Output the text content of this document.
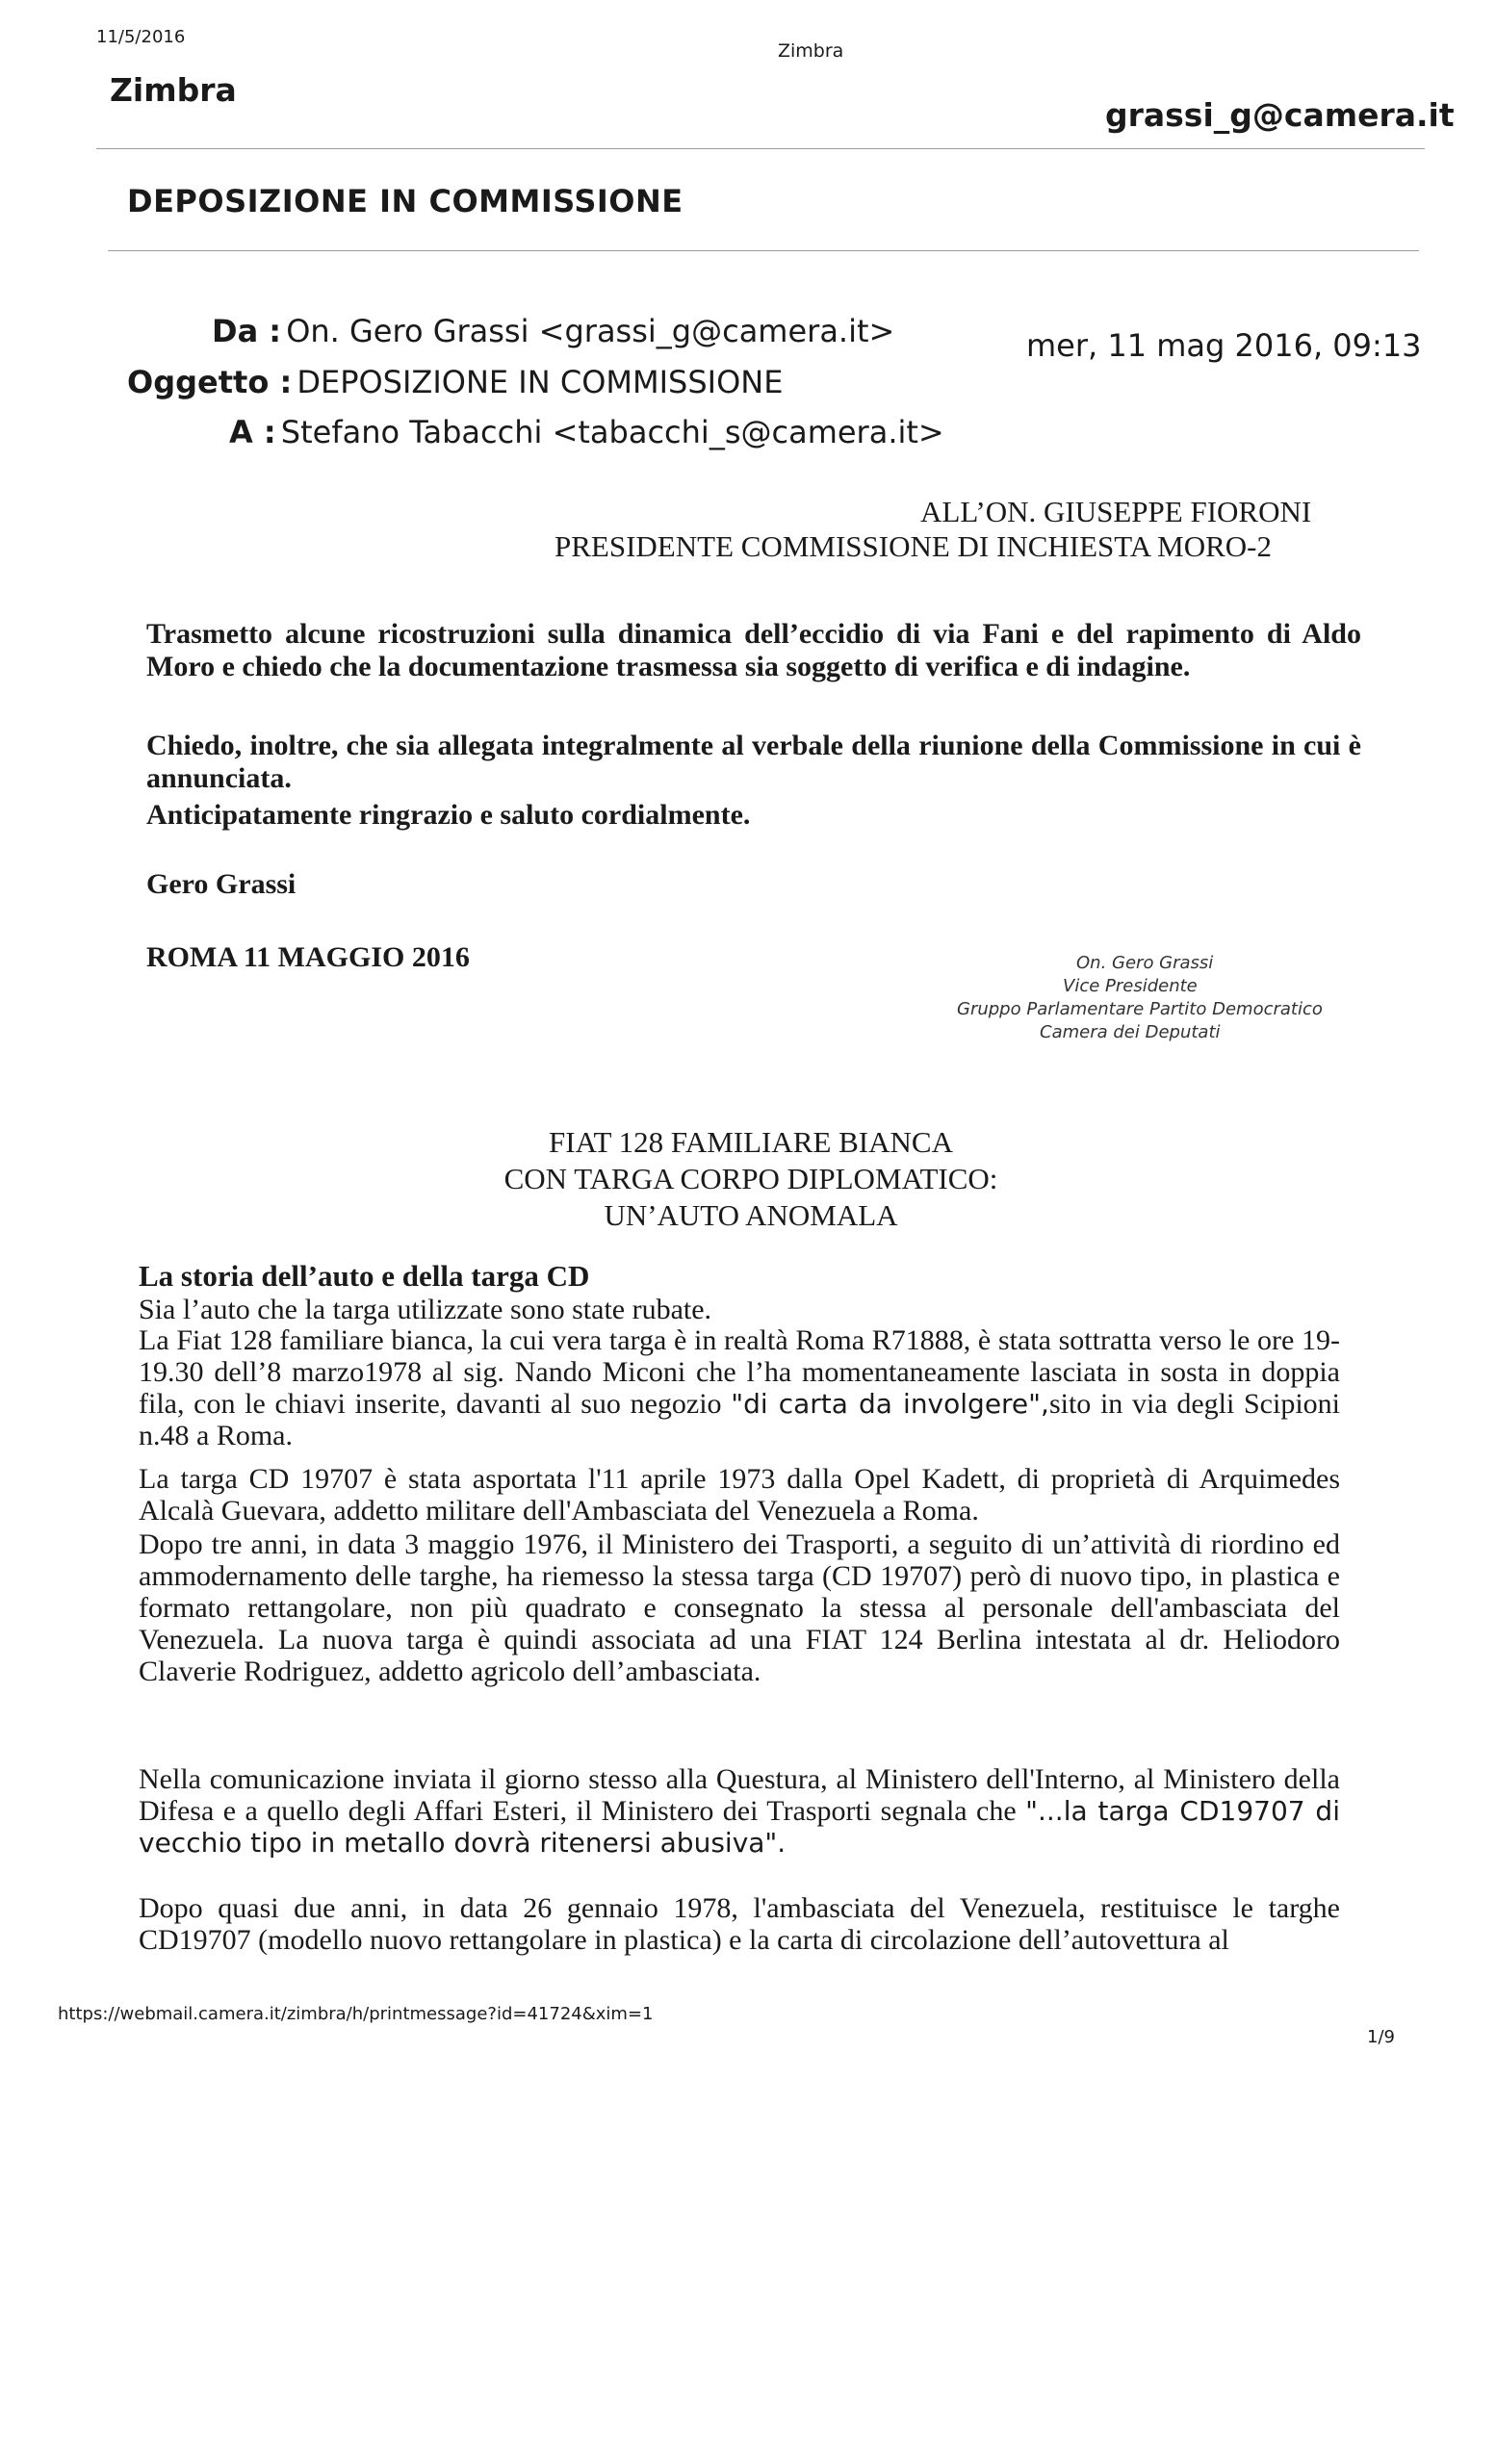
11/5/2016
Zimbra
Zimbra
grassi_g@camera.it
DEPOSIZIONE IN COMMISSIONE
Da : On. Gero Grassi <grassi_g@camera.it>
Oggetto : DEPOSIZIONE IN COMMISSIONE
A : Stefano Tabacchi <tabacchi_s@camera.it>
mer, 11 mag 2016, 09:13
ALL’ON. GIUSEPPE FIORONI
PRESIDENTE COMMISSIONE DI INCHIESTA MORO-2
Trasmetto alcune ricostruzioni sulla dinamica dell’eccidio di via Fani e del rapimento di Aldo Moro e chiedo che la documentazione trasmessa sia soggetto di verifica e di indagine.
Chiedo, inoltre, che sia allegata integralmente al verbale della riunione della Commissione in cui è annunciata.
Anticipatamente ringrazio e saluto cordialmente.
Gero Grassi
ROMA 11 MAGGIO 2016	On. Gero Grassi
Vice Presidente
Gruppo Parlamentare Partito Democratico
Camera dei Deputati
FIAT 128 FAMILIARE BIANCA
CON TARGA CORPO DIPLOMATICO:
UN’AUTO ANOMALA
La storia dell’auto e della targa CD
Sia l’auto che la targa utilizzate sono state rubate.
La Fiat 128 familiare bianca, la cui vera targa è in realtà Roma R71888, è stata sottratta verso le ore 19-19.30 dell’8 marzo1978 al sig. Nando Miconi che l’ha momentaneamente lasciata in sosta in doppia fila, con le chiavi inserite, davanti al suo negozio "di carta da involgere",sito in via degli Scipioni n.48 a Roma.
La targa CD 19707 è stata asportata l'11 aprile 1973 dalla Opel Kadett, di proprietà di Arquimedes Alcalà Guevara, addetto militare dell'Ambasciata del Venezuela a Roma.
Dopo tre anni, in data 3 maggio 1976, il Ministero dei Trasporti, a seguito di un’attività di riordino ed ammodernamento delle targhe, ha riemesso la stessa targa (CD 19707) però di nuovo tipo, in plastica e formato rettangolare, non più quadrato e consegnato la stessa al personale dell'ambasciata del Venezuela. La nuova targa è quindi associata ad una FIAT 124 Berlina intestata al dr. Heliodoro Claverie Rodriguez, addetto agricolo dell’ambasciata.
Nella comunicazione inviata il giorno stesso alla Questura, al Ministero dell'Interno, al Ministero della Difesa e a quello degli Affari Esteri, il Ministero dei Trasporti segnala che "...la targa CD19707 di vecchio tipo in metallo dovrà ritenersi abusiva".
Dopo quasi due anni, in data 26 gennaio 1978, l'ambasciata del Venezuela, restituisce le targhe CD19707 (modello nuovo rettangolare in plastica) e la carta di circolazione dell’autovettura al
https://webmail.camera.it/zimbra/h/printmessage?id=41724&xim=1
1/9
